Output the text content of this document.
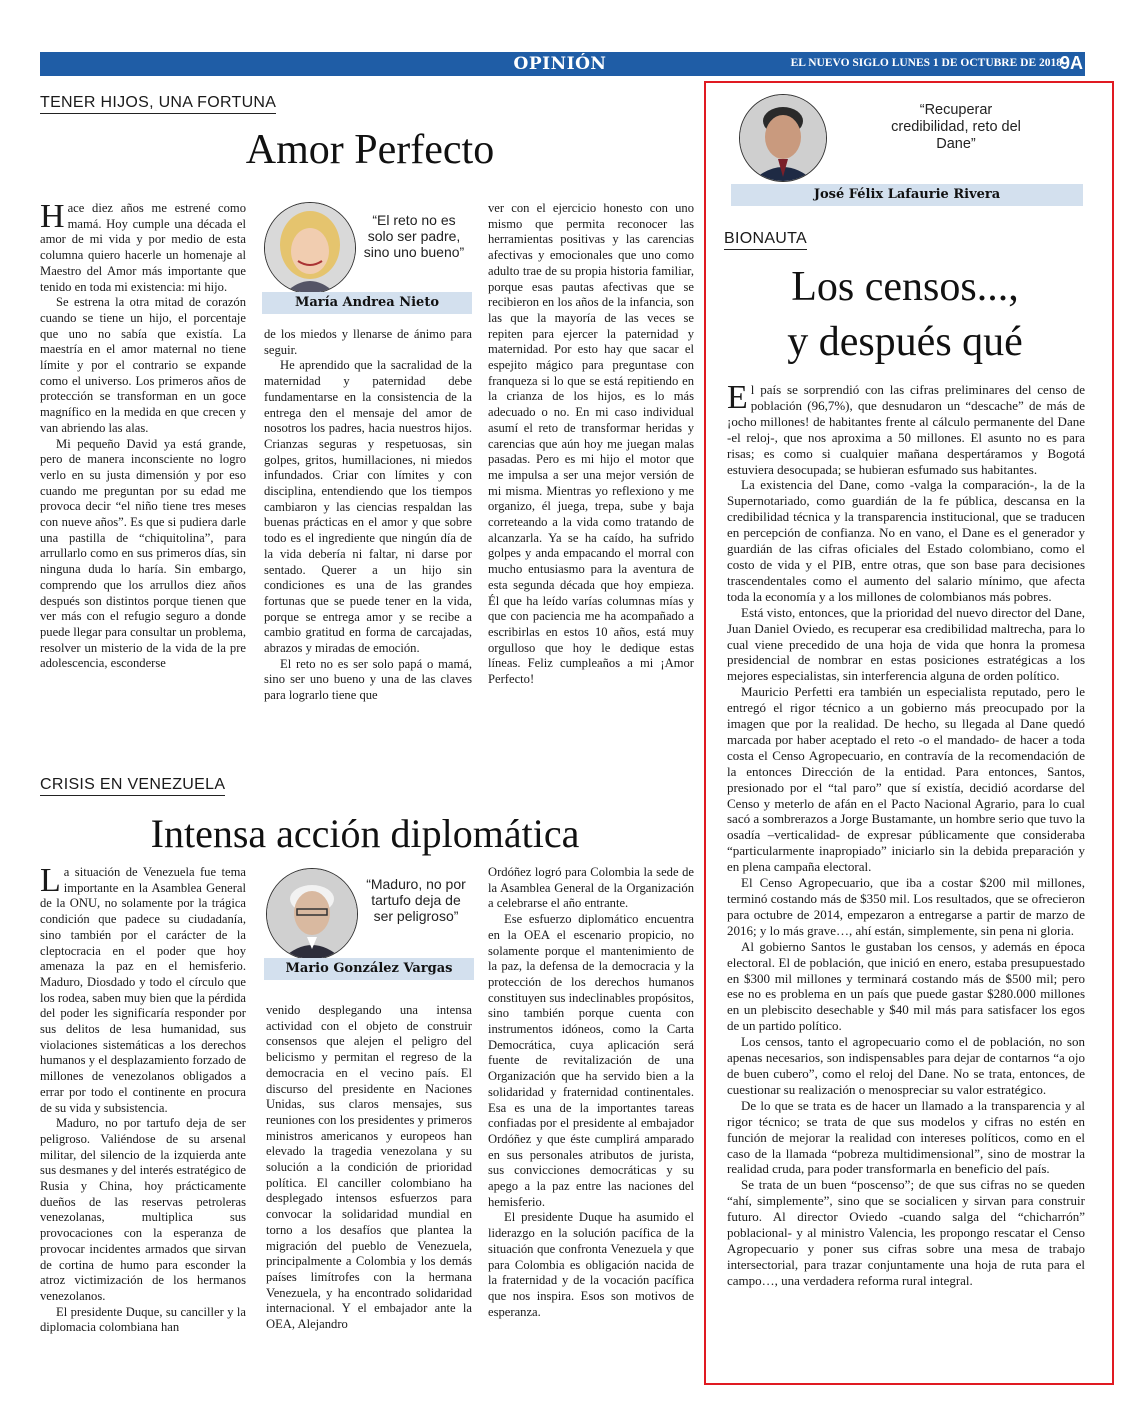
OPINIÓN	EL NUEVO SIGLO LUNES 1 DE OCTUBRE DE 2018
9A
TENER HIJOS, UNA FORTUNA
Amor Perfecto

Hace diez años me estrené como mamá. Hoy cumple una década el amor de mi vida y por medio de esta columna quiero hacerle un homenaje al Maestro del Amor más importante que tenido en toda mi existencia: mi hijo.

Se estrena la otra mitad de corazón cuando se tiene un hijo, el porcentaje que uno no sabía que existía. La maestría en el amor maternal no tiene límite y por el contrario se expande como el universo. Los primeros años de protección se transforman en un goce magnífico en la medida en que crecen y van abriendo las alas.

Mi pequeño David ya está grande, pero de manera inconsciente no logro verlo en su justa dimensión y por eso cuando me preguntan por su edad me provoca decir “el niño tiene tres meses con nueve años”. Es que si pudiera darle una pastilla de “chiquitolina”, para arrullarlo como en sus primeros días, sin ninguna duda lo haría. Sin embargo, comprendo que los arrullos diez años después son distintos porque tienen que ver más con el refugio seguro a donde puede llegar para consultar un problema, resolver un misterio de la vida de la pre adolescencia, esconderse

“El reto no es solo ser padre, sino uno bueno”
María Andrea Nieto

de los miedos y llenarse de ánimo para seguir.

He aprendido que la sacralidad de la maternidad y paternidad debe fundamentarse en la consistencia de la entrega den el mensaje del amor de nosotros los padres, hacia nuestros hijos. Crianzas seguras y respetuosas, sin golpes, gritos, humillaciones, ni miedos infundados. Criar con límites y con disciplina, entendiendo que los tiempos cambiaron y las ciencias respaldan las buenas prácticas en el amor y que sobre todo es el ingrediente que ningún día de la vida debería ni faltar, ni darse por sentado. Querer a un hijo sin condiciones es una de las grandes fortunas que se puede tener en la vida, porque se entrega amor y se recibe a cambio gratitud en forma de carcajadas, abrazos y miradas de emoción.

El reto no es ser solo papá o mamá, sino ser uno bueno y una de las claves para lograrlo tiene que

ver con el ejercicio honesto con uno mismo que permita reconocer las herramientas positivas y las carencias afectivas y emocionales que uno como adulto trae de su propia historia familiar, porque esas pautas afectivas que se recibieron en los años de la infancia, son las que la mayoría de las veces se repiten para ejercer la paternidad y maternidad. Por esto hay que sacar el espejito mágico para preguntase con franqueza si lo que se está repitiendo en la crianza de los hijos, es lo más adecuado o no. En mi caso individual asumí el reto de transformar heridas y carencias que aún hoy me juegan malas pasadas. Pero es mi hijo el motor que me impulsa a ser una mejor versión de mi misma. Mientras yo reflexiono y me organizo, él juega, trepa, sube y baja correteando a la vida como tratando de alcanzarla. Ya se ha caído, ha sufrido golpes y anda empacando el morral con mucho entusiasmo para la aventura de esta segunda década que hoy empieza. Él que ha leído varías columnas mías y que con paciencia me ha acompañado a escribirlas en estos 10 años, está muy orgulloso que hoy le dedique estas líneas. Feliz cumpleaños a mi ¡Amor Perfecto!

CRISIS EN VENEZUELA
Intensa acción diplomática

La situación de Venezuela fue tema importante en la Asamblea General de la ONU, no solamente por la trágica condición que padece su ciudadanía, sino también por el carácter de la cleptocracia en el poder que hoy amenaza la paz en el hemisferio. Maduro, Diosdado y todo el círculo que los rodea, saben muy bien que la pérdida del poder les significaría responder por sus delitos de lesa humanidad, sus violaciones sistemáticas a los derechos humanos y el desplazamiento forzado de millones de venezolanos obligados a errar por todo el continente en procura de su vida y subsistencia.

Maduro, no por tartufo deja de ser peligroso. Valiéndose de su arsenal militar, del silencio de la izquierda ante sus desmanes y del interés estratégico de Rusia y China, hoy prácticamente dueños de las reservas petroleras venezolanas, multiplica sus provocaciones con la esperanza de provocar incidentes armados que sirvan de cortina de humo para esconder la atroz victimización de los hermanos venezolanos.

El presidente Duque, su canciller y la diplomacia colombiana han

“Maduro, no por tartufo deja de ser peligroso”
Mario González Vargas

venido desplegando una intensa actividad con el objeto de construir consensos que alejen el peligro del belicismo y permitan el regreso de la democracia en el vecino país. El discurso del presidente en Naciones Unidas, sus claros mensajes, sus reuniones con los presidentes y primeros ministros americanos y europeos han elevado la tragedia venezolana y su solución a la condición de prioridad política. El canciller colombiano ha desplegado intensos esfuerzos para convocar la solidaridad mundial en torno a los desafíos que plantea la migración del pueblo de Venezuela, principalmente a Colombia y los demás países limítrofes con la hermana Venezuela, y ha encontrado solidaridad internacional. Y el embajador ante la OEA, Alejandro

Ordóñez logró para Colombia la sede de la Asamblea General de la Organización a celebrarse el año entrante.

Ese esfuerzo diplomático encuentra en la OEA el escenario propicio, no solamente porque el mantenimiento de la paz, la defensa de la democracia y la protección de los derechos humanos constituyen sus indeclinables propósitos, sino también porque cuenta con instrumentos idóneos, como la Carta Democrática, cuya aplicación será fuente de revitalización de una Organización que ha servido bien a la solidaridad y fraternidad continentales. Esa es una de la importantes tareas confiadas por el presidente al embajador Ordóñez y que éste cumplirá amparado en sus personales atributos de jurista, sus convicciones democráticas y su apego a la paz entre las naciones del hemisferio.

El presidente Duque ha asumido el liderazgo en la solución pacífica de la situación que confronta Venezuela y que para Colombia es obligación nacida de la fraternidad y de la vocación pacífica que nos inspira. Esos son motivos de esperanza.

“Recuperar credibilidad, reto del Dane”
José Félix Lafaurie Rivera
BIONAUTA
Los censos...,
y después qué

El país se sorprendió con las cifras preliminares del censo de población (96,7%), que desnudaron un “descache” de más de ¡ocho millones! de habitantes frente al cálculo permanente del Dane -el reloj-, que nos aproxima a 50 millones. El asunto no es para risas; es como si cualquier mañana despertáramos y Bogotá estuviera desocupada; se hubieran esfumado sus habitantes.

La existencia del Dane, como -valga la comparación-, la de la Supernotariado, como guardián de la fe pública, descansa en la credibilidad técnica y la transparencia institucional, que se traducen en percepción de confianza. No en vano, el Dane es el generador y guardián de las cifras oficiales del Estado colombiano, como el costo de vida y el PIB, entre otras, que son base para decisiones trascendentales como el aumento del salario mínimo, que afecta toda la economía y a los millones de colombianos más pobres.

Está visto, entonces, que la prioridad del nuevo director del Dane, Juan Daniel Oviedo, es recuperar esa credibilidad maltrecha, para lo cual viene precedido de una hoja de vida que honra la promesa presidencial de nombrar en estas posiciones estratégicas a los mejores especialistas, sin interferencia alguna de orden político.

Mauricio Perfetti era también un especialista reputado, pero le entregó el rigor técnico a un gobierno más preocupado por la imagen que por la realidad. De hecho, su llegada al Dane quedó marcada por haber aceptado el reto -o el mandado- de hacer a toda costa el Censo Agropecuario, en contravía de la recomendación de la entonces Dirección de la entidad. Para entonces, Santos, presionado por el “tal paro” que sí existía, decidió acordarse del Censo y meterlo de afán en el Pacto Nacional Agrario, para lo cual sacó a sombrerazos a Jorge Bustamante, un hombre serio que tuvo la osadía –verticalidad- de expresar públicamente que consideraba “particularmente inapropiado” iniciarlo sin la debida preparación y en plena campaña electoral.

El Censo Agropecuario, que iba a costar $200 mil millones, terminó costando más de $350 mil. Los resultados, que se ofrecieron para octubre de 2014, empezaron a entregarse a partir de marzo de 2016; y lo más grave…, ahí están, simplemente, sin pena ni gloria.

Al gobierno Santos le gustaban los censos, y además en época electoral. El de población, que inició en enero, estaba presupuestado en $300 mil millones y terminará costando más de $500 mil; pero ese no es problema en un país que puede gastar $280.000 millones en un plebiscito desechable y $40 mil más para satisfacer los egos de un partido político.

Los censos, tanto el agropecuario como el de población, no son apenas necesarios, son indispensables para dejar de contarnos “a ojo de buen cubero”, como el reloj del Dane. No se trata, entonces, de cuestionar su realización o menospreciar su valor estratégico.

De lo que se trata es de hacer un llamado a la transparencia y al rigor técnico; se trata de que sus modelos y cifras no estén en función de mejorar la realidad con intereses políticos, como en el caso de la llamada “pobreza multidimensional”, sino de mostrar la realidad cruda, para poder transformarla en beneficio del país.

Se trata de un buen “poscenso”; de que sus cifras no se queden “ahí, simplemente”, sino que se socialicen y sirvan para construir futuro. Al director Oviedo -cuando salga del “chicharrón” poblacional- y al ministro Valencia, les propongo rescatar el Censo Agropecuario y poner sus cifras sobre una mesa de trabajo intersectorial, para trazar conjuntamente una hoja de ruta para el campo…, una verdadera reforma rural integral.
